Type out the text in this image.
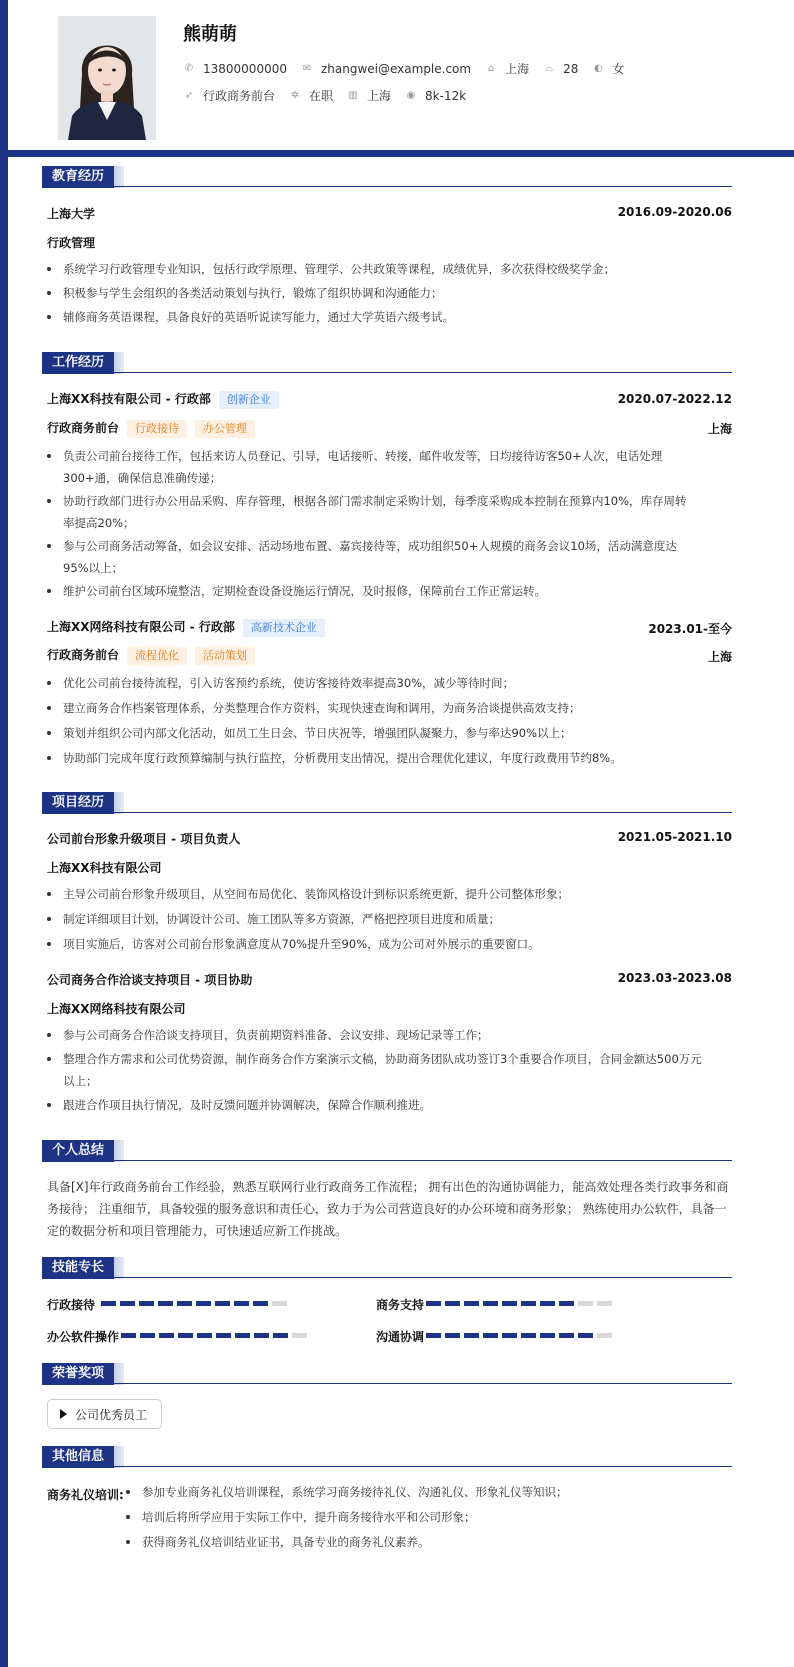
熊萌萌
✆ 13800000000 ✉ zhangwei@example.com ⌂ 上海 ⌓ 28 ◐ 女
➶ 行政商务前台 ✲ 在职 ▥ 上海 ◉ 8k-12k
教育经历
上海大学	2016.09-2020.06
行政管理
系统学习行政管理专业知识，包括行政学原理、管理学、公共政策等课程，成绩优异，多次获得校级奖学金；
积极参与学生会组织的各类活动策划与执行，锻炼了组织协调和沟通能力；
辅修商务英语课程，具备良好的英语听说读写能力，通过大学英语六级考试。
工作经历
上海XX科技有限公司 - 行政部 创新企业	2020.07-2022.12
行政商务前台 行政接待 办公管理	上海
负责公司前台接待工作，包括来访人员登记、引导，电话接听、转接，邮件收发等，日均接待访客50+人次，电话处理300+通，确保信息准确传递；
协助行政部门进行办公用品采购、库存管理，根据各部门需求制定采购计划，每季度采购成本控制在预算内10%，库存周转率提高20%；
参与公司商务活动筹备，如会议安排、活动场地布置、嘉宾接待等，成功组织50+人规模的商务会议10场，活动满意度达95%以上；
维护公司前台区域环境整洁，定期检查设备设施运行情况，及时报修，保障前台工作正常运转。
上海XX网络科技有限公司 - 行政部 高新技术企业	2023.01-至今
行政商务前台 流程优化 活动策划	上海
优化公司前台接待流程，引入访客预约系统，使访客接待效率提高30%，减少等待时间；
建立商务合作档案管理体系，分类整理合作方资料，实现快速查询和调用，为商务洽谈提供高效支持；
策划并组织公司内部文化活动，如员工生日会、节日庆祝等，增强团队凝聚力，参与率达90%以上；
协助部门完成年度行政预算编制与执行监控，分析费用支出情况，提出合理优化建议，年度行政费用节约8%。
项目经历
公司前台形象升级项目 - 项目负责人	2021.05-2021.10
上海XX科技有限公司
主导公司前台形象升级项目，从空间布局优化、装饰风格设计到标识系统更新，提升公司整体形象；
制定详细项目计划，协调设计公司、施工团队等多方资源，严格把控项目进度和质量；
项目实施后，访客对公司前台形象满意度从70%提升至90%，成为公司对外展示的重要窗口。
公司商务合作洽谈支持项目 - 项目协助	2023.03-2023.08
上海XX网络科技有限公司
参与公司商务合作洽谈支持项目，负责前期资料准备、会议安排、现场记录等工作；
整理合作方需求和公司优势资源，制作商务合作方案演示文稿，协助商务团队成功签订3个重要合作项目，合同金额达500万元以上；
跟进合作项目执行情况，及时反馈问题并协调解决，保障合作顺利推进。
个人总结
具备[X]年行政商务前台工作经验，熟悉互联网行业行政商务工作流程； 拥有出色的沟通协调能力，能高效处理各类行政事务和商务接待； 注重细节，具备较强的服务意识和责任心，致力于为公司营造良好的办公环境和商务形象； 熟练使用办公软件，具备一定的数据分析和项目管理能力，可快速适应新工作挑战。
技能专长
行政接待	商务支持
办公软件操作	沟通协调
荣誉奖项
公司优秀员工
其他信息
商务礼仪培训:	参加专业商务礼仪培训课程，系统学习商务接待礼仪、沟通礼仪、形象礼仪等知识；
培训后将所学应用于实际工作中，提升商务接待水平和公司形象；
获得商务礼仪培训结业证书，具备专业的商务礼仪素养。
